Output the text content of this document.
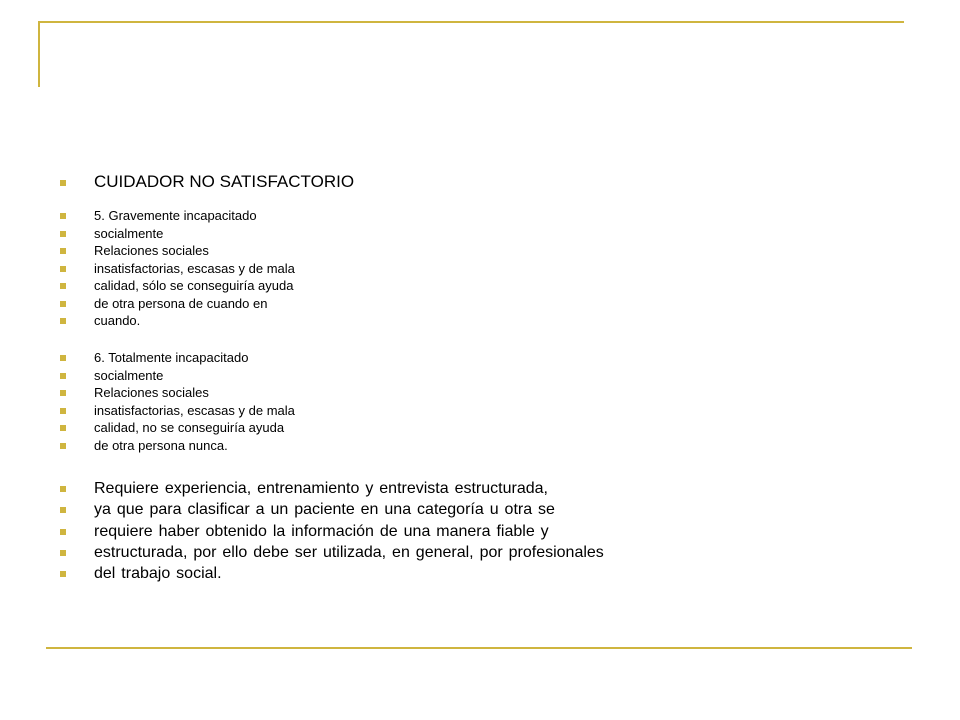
CUIDADOR NO SATISFACTORIO
5. Gravemente incapacitado
socialmente
Relaciones sociales
insatisfactorias, escasas y de mala
calidad, sólo se conseguiría ayuda
de otra persona de cuando en
cuando.
6. Totalmente incapacitado
socialmente
Relaciones sociales
insatisfactorias, escasas y de mala
calidad, no se conseguiría ayuda
de otra persona nunca.
Requiere experiencia, entrenamiento y entrevista estructurada,
ya que para clasificar a un paciente en una categoría u otra se
requiere haber obtenido la información de una manera fiable y
estructurada, por ello debe ser utilizada, en general, por profesionales
del trabajo social.
